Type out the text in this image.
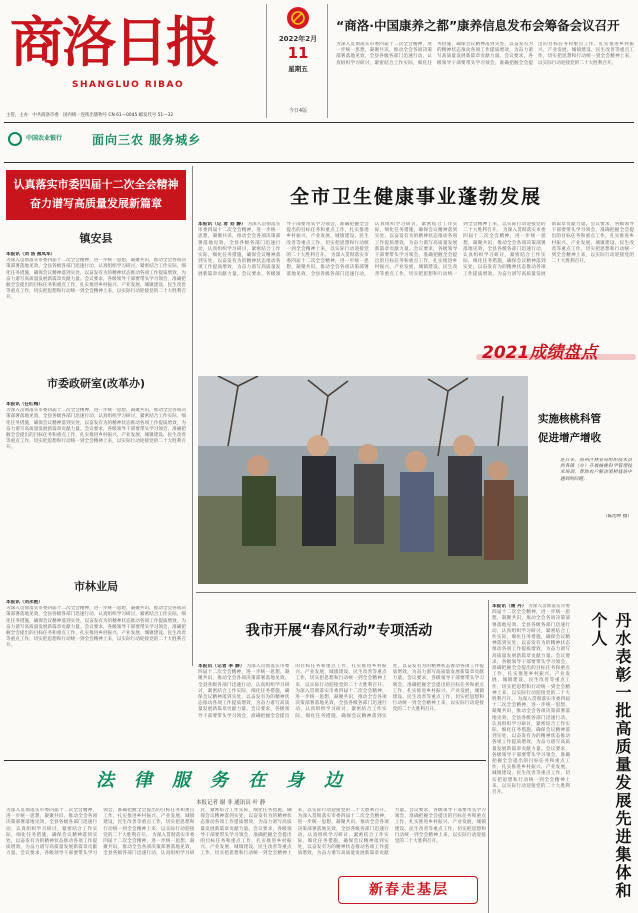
商洛日报
SHANGLUO RIBAO
2022年2月
11
星期五
今日4版
“商洛·中国康养之都”康养信息发布会筹备会议召开
为深入贯彻落实市委四届十二次全会精神，进一步统一思想，凝聚共识，推动全会各项决策部署落地见效，全县各级各部门迅速行动，认真组织学习研讨，紧密结合工作实际，细化任务措施，确保会议精神落到实处，以奋发有为的精神状态推动各项工作提质增效，为奋力谱写高质量发展新篇章贡献力量。会议要求，各级领导干部要带头学习领会，准确把握全会提出的目标任务和重点工作，扎实推进乡村振兴、产业发展、城镇建设、民生改善等重点工作，切实把思想和行动统一到全会精神上来，以实际行动迎接党的二十大胜利召开。
主管、主办：中共商洛市委　国内统一连续出版物号 CN 61—0045 邮发代号 51—32
中国农业银行 面向三农 服务城乡
认真落实市委四届十二次全会精神
奋力谱写高质量发展新篇章
镇安县
本报讯（刘 洛 燕凤军）
为深入贯彻落实市委四届十二次全会精神，进一步统一思想，凝聚共识，推动全会各项决策部署落地见效，全县各级各部门迅速行动，认真组织学习研讨，紧密结合工作实际，细化任务措施，确保会议精神落到实处，以奋发有为的精神状态推动各项工作提质增效，为奋力谱写高质量发展新篇章贡献力量。会议要求，各级领导干部要带头学习领会，准确把握全会提出的目标任务和重点工作，扎实推进乡村振兴、产业发展、城镇建设、民生改善等重点工作，切实把思想和行动统一到全会精神上来，以实际行动迎接党的二十大胜利召开。
市委政研室(改革办)
本报讯（任红梅）
为深入贯彻落实市委四届十二次全会精神，进一步统一思想，凝聚共识，推动全会各项决策部署落地见效，全县各级各部门迅速行动，认真组织学习研讨，紧密结合工作实际，细化任务措施，确保会议精神落到实处，以奋发有为的精神状态推动各项工作提质增效，为奋力谱写高质量发展新篇章贡献力量。会议要求，各级领导干部要带头学习领会，准确把握全会提出的目标任务和重点工作，扎实推进乡村振兴、产业发展、城镇建设、民生改善等重点工作，切实把思想和行动统一到全会精神上来，以实际行动迎接党的二十大胜利召开。
市林业局
本报讯（刘永艳）
为深入贯彻落实市委四届十二次全会精神，进一步统一思想，凝聚共识，推动全会各项决策部署落地见效，全县各级各部门迅速行动，认真组织学习研讨，紧密结合工作实际，细化任务措施，确保会议精神落到实处，以奋发有为的精神状态推动各项工作提质增效，为奋力谱写高质量发展新篇章贡献力量。会议要求，各级领导干部要带头学习领会，准确把握全会提出的目标任务和重点工作，扎实推进乡村振兴、产业发展、城镇建设、民生改善等重点工作，切实把思想和行动统一到全会精神上来，以实际行动迎接党的二十大胜利召开。
全市卫生健康事业蓬勃发展
本报讯（记 者 刘 静） 为深入贯彻落实市委四届十二次全会精神，进一步统一思想，凝聚共识，推动全会各项决策部署落地见效，全县各级各部门迅速行动，认真组织学习研讨，紧密结合工作实际，细化任务措施，确保会议精神落到实处，以奋发有为的精神状态推动各项工作提质增效，为奋力谱写高质量发展新篇章贡献力量。会议要求，各级领导干部要带头学习领会，准确把握全会提出的目标任务和重点工作，扎实推进乡村振兴、产业发展、城镇建设、民生改善等重点工作，切实把思想和行动统一到全会精神上来，以实际行动迎接党的二十大胜利召开。 为深入贯彻落实市委四届十二次全会精神，进一步统一思想，凝聚共识，推动全会各项决策部署落地见效，全县各级各部门迅速行动，认真组织学习研讨，紧密结合工作实际，细化任务措施，确保会议精神落到实处，以奋发有为的精神状态推动各项工作提质增效，为奋力谱写高质量发展新篇章贡献力量。会议要求，各级领导干部要带头学习领会，准确把握全会提出的目标任务和重点工作，扎实推进乡村振兴、产业发展、城镇建设、民生改善等重点工作，切实把思想和行动统一到全会精神上来，以实际行动迎接党的二十大胜利召开。 为深入贯彻落实市委四届十二次全会精神，进一步统一思想，凝聚共识，推动全会各项决策部署落地见效，全县各级各部门迅速行动，认真组织学习研讨，紧密结合工作实际，细化任务措施，确保会议精神落到实处，以奋发有为的精神状态推动各项工作提质增效，为奋力谱写高质量发展新篇章贡献力量。会议要求，各级领导干部要带头学习领会，准确把握全会提出的目标任务和重点工作，扎实推进乡村振兴、产业发展、城镇建设、民生改善等重点工作，切实把思想和行动统一到全会精神上来，以实际行动迎接党的二十大胜利召开。
2021成绩盘点
实施核桃科管
促进增产增收
连日来，商州区林业局组织技术员到各镇（办）开展核桃科学管理技术培训，帮助农户解决果树栽培中遇到的问题。
（陈治坤 摄）
我市开展“春风行动”专项活动
本报讯（记者 李 静） 为深入贯彻落实市委四届十二次全会精神，进一步统一思想，凝聚共识，推动全会各项决策部署落地见效，全县各级各部门迅速行动，认真组织学习研讨，紧密结合工作实际，细化任务措施，确保会议精神落到实处，以奋发有为的精神状态推动各项工作提质增效，为奋力谱写高质量发展新篇章贡献力量。会议要求，各级领导干部要带头学习领会，准确把握全会提出的目标任务和重点工作，扎实推进乡村振兴、产业发展、城镇建设、民生改善等重点工作，切实把思想和行动统一到全会精神上来，以实际行动迎接党的二十大胜利召开。 为深入贯彻落实市委四届十二次全会精神，进一步统一思想，凝聚共识，推动全会各项决策部署落地见效，全县各级各部门迅速行动，认真组织学习研讨，紧密结合工作实际，细化任务措施，确保会议精神落到实处，以奋发有为的精神状态推动各项工作提质增效，为奋力谱写高质量发展新篇章贡献力量。会议要求，各级领导干部要带头学习领会，准确把握全会提出的目标任务和重点工作，扎实推进乡村振兴、产业发展、城镇建设、民生改善等重点工作，切实把思想和行动统一到全会精神上来，以实际行动迎接党的二十大胜利召开。
本报讯（谢 丹） 为深入贯彻落实市委四届十二次全会精神，进一步统一思想，凝聚共识，推动全会各项决策部署落地见效，全县各级各部门迅速行动，认真组织学习研讨，紧密结合工作实际，细化任务措施，确保会议精神落到实处，以奋发有为的精神状态推动各项工作提质增效，为奋力谱写高质量发展新篇章贡献力量。会议要求，各级领导干部要带头学习领会，准确把握全会提出的目标任务和重点工作，扎实推进乡村振兴、产业发展、城镇建设、民生改善等重点工作，切实把思想和行动统一到全会精神上来，以实际行动迎接党的二十大胜利召开。 为深入贯彻落实市委四届十二次全会精神，进一步统一思想，凝聚共识，推动全会各项决策部署落地见效，全县各级各部门迅速行动，认真组织学习研讨，紧密结合工作实际，细化任务措施，确保会议精神落到实处，以奋发有为的精神状态推动各项工作提质增效，为奋力谱写高质量发展新篇章贡献力量。会议要求，各级领导干部要带头学习领会，准确把握全会提出的目标任务和重点工作，扎实推进乡村振兴、产业发展、城镇建设、民生改善等重点工作，切实把思想和行动统一到全会精神上来，以实际行动迎接党的二十大胜利召开。	丹水表彰一批高质量发展先进集体和个人
法律服务在身边
本报记者 谢 非 通讯员 叶 静
为深入贯彻落实市委四届十二次全会精神，进一步统一思想，凝聚共识，推动全会各项决策部署落地见效，全县各级各部门迅速行动，认真组织学习研讨，紧密结合工作实际，细化任务措施，确保会议精神落到实处，以奋发有为的精神状态推动各项工作提质增效，为奋力谱写高质量发展新篇章贡献力量。会议要求，各级领导干部要带头学习领会，准确把握全会提出的目标任务和重点工作，扎实推进乡村振兴、产业发展、城镇建设、民生改善等重点工作，切实把思想和行动统一到全会精神上来，以实际行动迎接党的二十大胜利召开。 为深入贯彻落实市委四届十二次全会精神，进一步统一思想，凝聚共识，推动全会各项决策部署落地见效，全县各级各部门迅速行动，认真组织学习研讨，紧密结合工作实际，细化任务措施，确保会议精神落到实处，以奋发有为的精神状态推动各项工作提质增效，为奋力谱写高质量发展新篇章贡献力量。会议要求，各级领导干部要带头学习领会，准确把握全会提出的目标任务和重点工作，扎实推进乡村振兴、产业发展、城镇建设、民生改善等重点工作，切实把思想和行动统一到全会精神上来，以实际行动迎接党的二十大胜利召开。 为深入贯彻落实市委四届十二次全会精神，进一步统一思想，凝聚共识，推动全会各项决策部署落地见效，全县各级各部门迅速行动，认真组织学习研讨，紧密结合工作实际，细化任务措施，确保会议精神落到实处，以奋发有为的精神状态推动各项工作提质增效，为奋力谱写高质量发展新篇章贡献力量。会议要求，各级领导干部要带头学习领会，准确把握全会提出的目标任务和重点工作，扎实推进乡村振兴、产业发展、城镇建设、民生改善等重点工作，切实把思想和行动统一到全会精神上来，以实际行动迎接党的二十大胜利召开。
新春走基层
